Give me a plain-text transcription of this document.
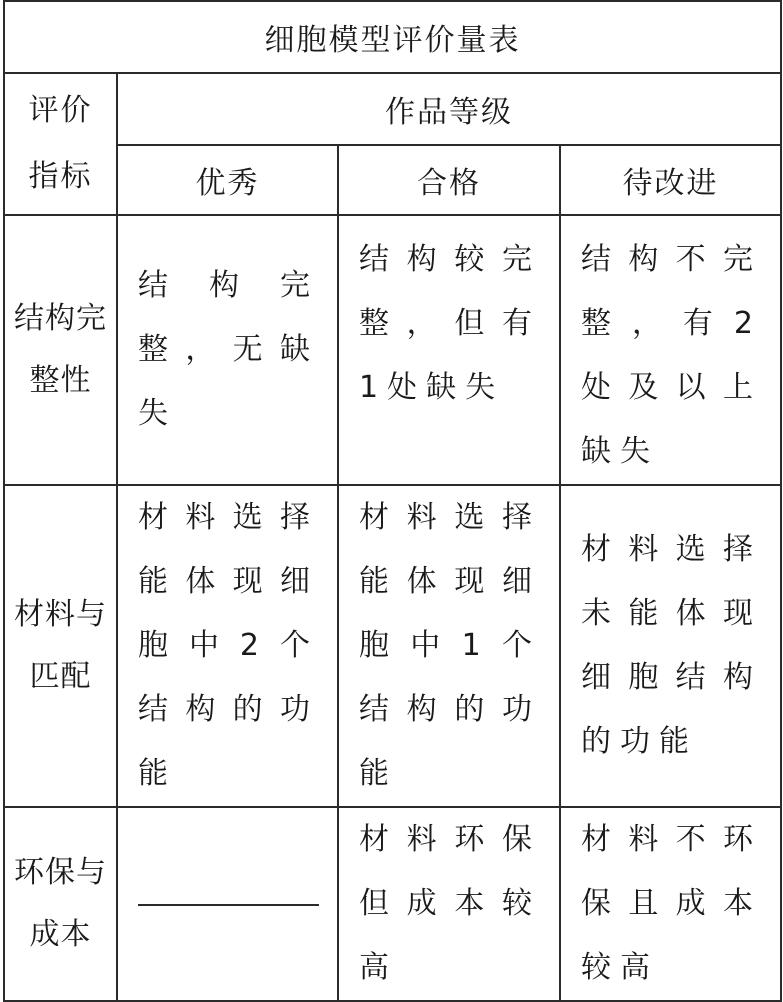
细胞模型评价量表			

评价
指标	作品等级		
	优秀	合格	待改进

结构完整性	结构完整，无缺失	结构较完整，但有1处缺失	结构不完整，有2处及以上缺失

材料与匹配	材料选择能体现细胞中2个结构的功能	材料选择能体现细胞中1个结构的功能	材料选择未能体现细胞结构的功能

环保与成本		材料环保但成本较高	材料不环保且成本较高
